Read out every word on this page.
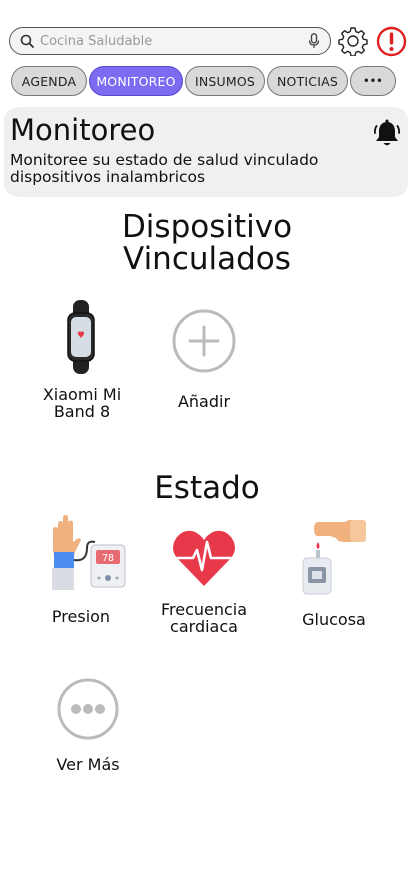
Cocina Saludable
AGENDA	MONITOREO	INSUMOS	NOTICIAS	•••
Monitoreo
Monitoree su estado de salud vinculado dispositivos inalambricos
Dispositivo
Vinculados
Xiaomi Mi Band 8
Añadir
Estado
78
Presion	Frecuencia cardiaca	Glucosa
Ver Más
